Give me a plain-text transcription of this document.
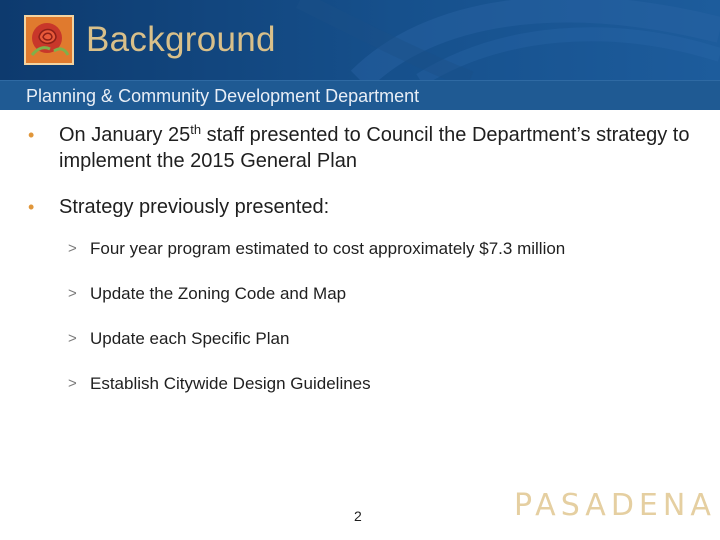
Background
Planning & Community Development Department
• On January 25th staff presented to Council the Department’s strategy to implement the 2015 General Plan
• Strategy previously presented:
> Four year program estimated to cost approximately $7.3 million
> Update the Zoning Code and Map
> Update each Specific Plan
> Establish Citywide Design Guidelines
2	PASADENA
